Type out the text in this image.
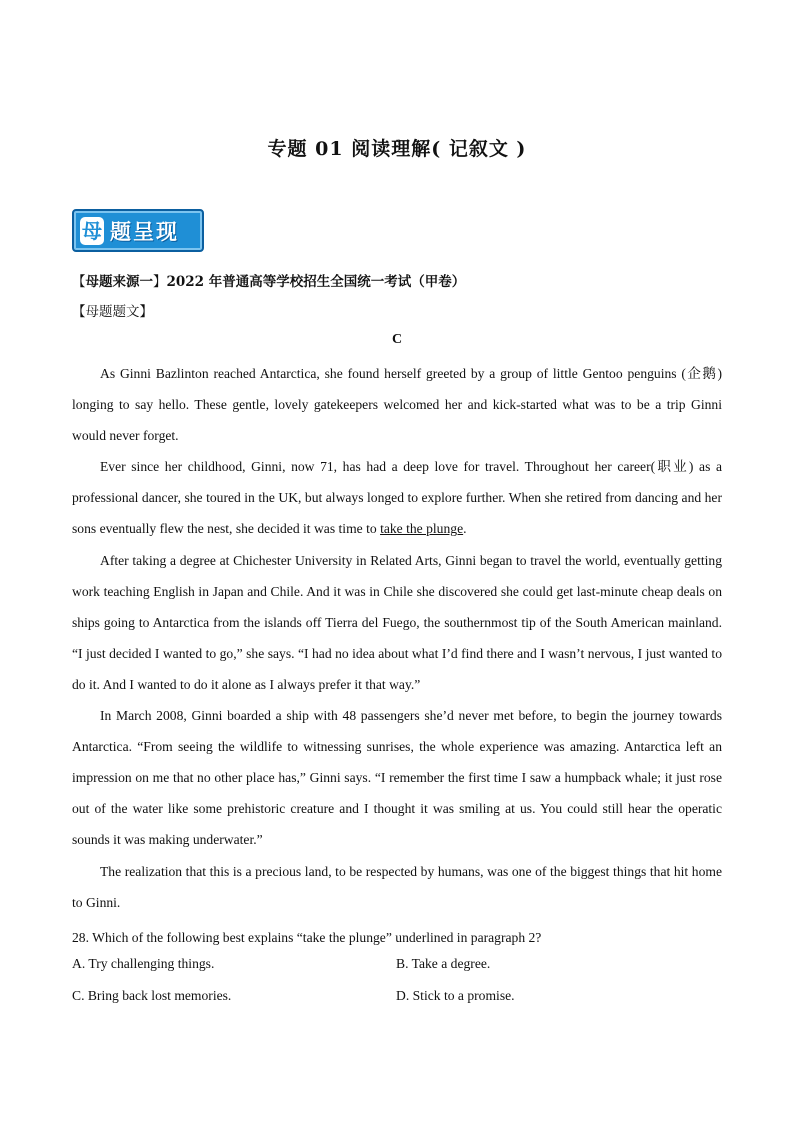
专题 01 阅读理解( 记叙文 )
母 题呈现
【母题来源一】2022 年普通高等学校招生全国统一考试（甲卷）
【母题题文】
C

As Ginni Bazlinton reached Antarctica, she found herself greeted by a group of little Gentoo penguins (企鹅) longing to say hello. These gentle, lovely gatekeepers welcomed her and kick-started what was to be a trip Ginni would never forget.

Ever since her childhood, Ginni, now 71, has had a deep love for travel. Throughout her career(职业) as a professional dancer, she toured in the UK, but always longed to explore further. When she retired from dancing and her sons eventually flew the nest, she decided it was time to take the plunge.

After taking a degree at Chichester University in Related Arts, Ginni began to travel the world, eventually getting work teaching English in Japan and Chile. And it was in Chile she discovered she could get last-minute cheap deals on ships going to Antarctica from the islands off Tierra del Fuego, the southernmost tip of the South American mainland. “I just decided I wanted to go,” she says. “I had no idea about what I’d find there and I wasn’t nervous, I just wanted to do it. And I wanted to do it alone as I always prefer it that way.”

In March 2008, Ginni boarded a ship with 48 passengers she’d never met before, to begin the journey towards Antarctica. “From seeing the wildlife to witnessing sunrises, the whole experience was amazing. Antarctica left an impression on me that no other place has,” Ginni says. “I remember the first time I saw a humpback whale; it just rose out of the water like some prehistoric creature and I thought it was smiling at us. You could still hear the operatic sounds it was making underwater.”

The realization that this is a precious land, to be respected by humans, was one of the biggest things that hit home to Ginni.

28. Which of the following best explains “take the plunge” underlined in paragraph 2?
A. Try challenging things.	B. Take a degree.
C. Bring back lost memories.	D. Stick to a promise.
